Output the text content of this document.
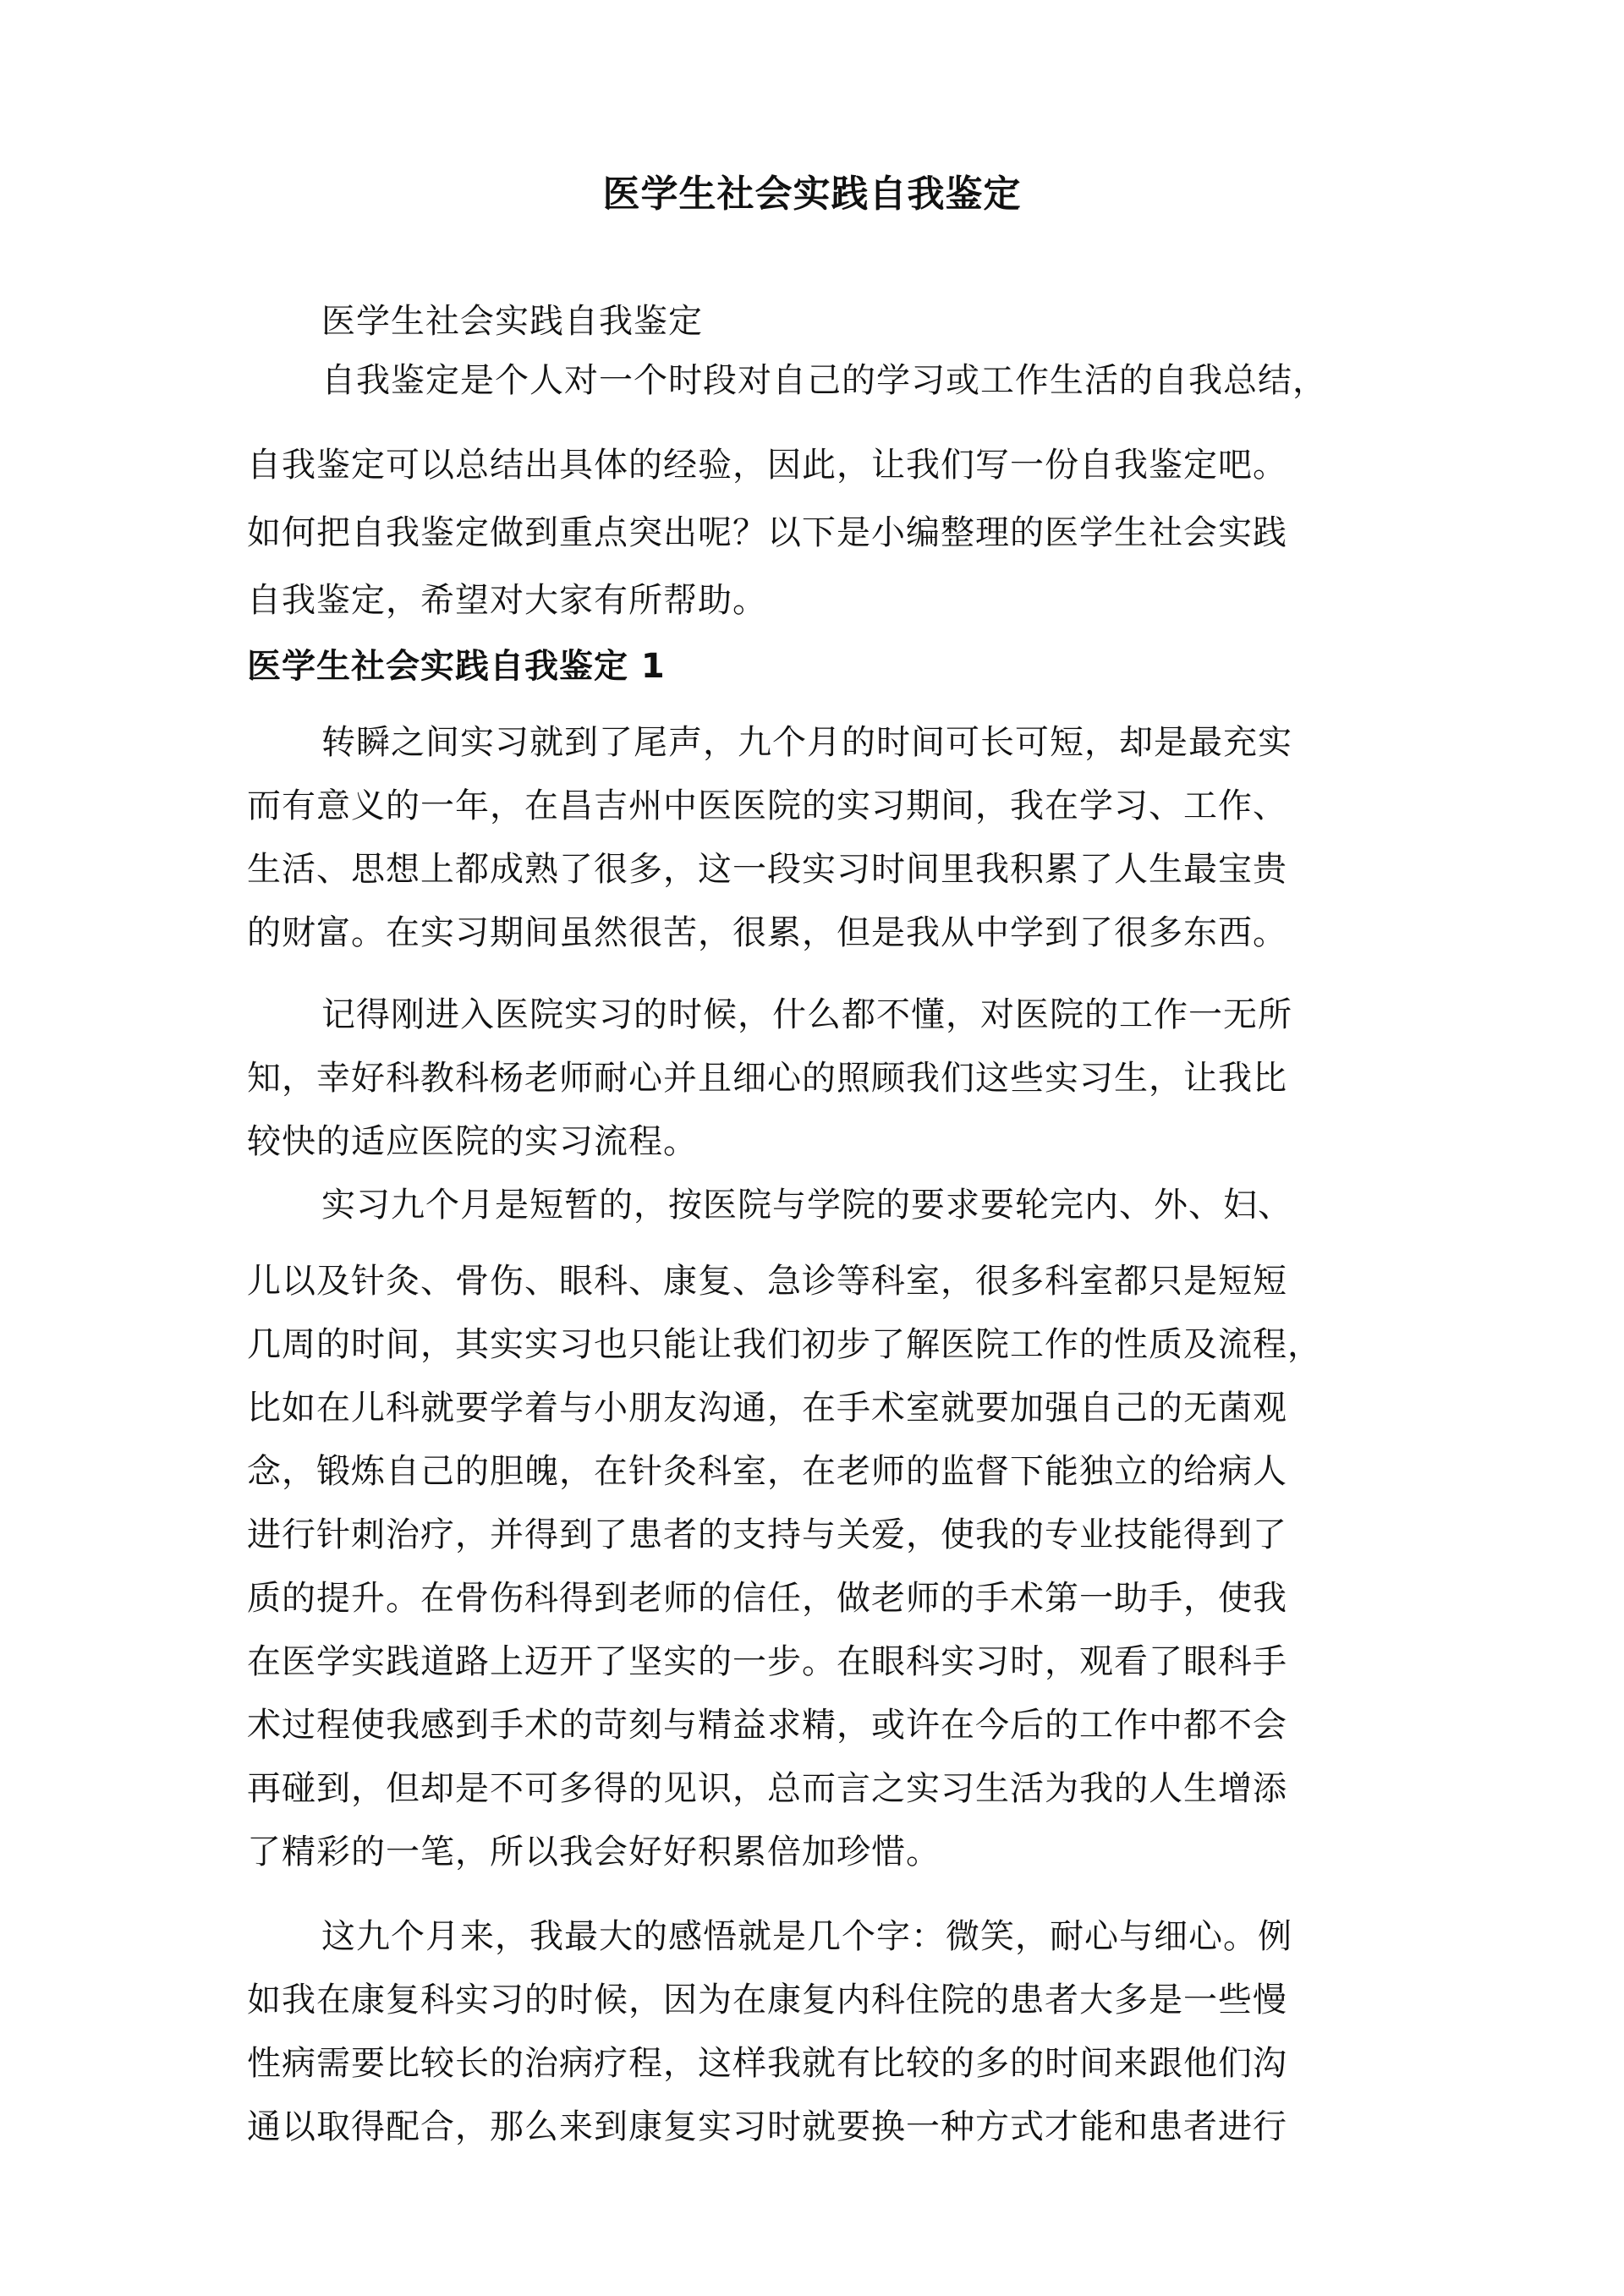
医学生社会实践自我鉴定
医学生社会实践自我鉴定
自我鉴定是个人对一个时段对自己的学习或工作生活的自我总结，
自我鉴定可以总结出具体的经验，因此，让我们写一份自我鉴定吧。
如何把自我鉴定做到重点突出呢？以下是小编整理的医学生社会实践
自我鉴定，希望对大家有所帮助。
医学生社会实践自我鉴定 1
转瞬之间实习就到了尾声，九个月的时间可长可短，却是最充实
而有意义的一年，在昌吉州中医医院的实习期间，我在学习、工作、
生活、思想上都成熟了很多，这一段实习时间里我积累了人生最宝贵
的财富。在实习期间虽然很苦，很累，但是我从中学到了很多东西。
记得刚进入医院实习的时候，什么都不懂，对医院的工作一无所
知，幸好科教科杨老师耐心并且细心的照顾我们这些实习生，让我比
较快的适应医院的实习流程。
实习九个月是短暂的，按医院与学院的要求要轮完内、外、妇、
儿以及针灸、骨伤、眼科、康复、急诊等科室，很多科室都只是短短
几周的时间，其实实习也只能让我们初步了解医院工作的性质及流程，
比如在儿科就要学着与小朋友沟通，在手术室就要加强自己的无菌观
念，锻炼自己的胆魄，在针灸科室，在老师的监督下能独立的给病人
进行针刺治疗，并得到了患者的支持与关爱，使我的专业技能得到了
质的提升。在骨伤科得到老师的信任，做老师的手术第一助手，使我
在医学实践道路上迈开了坚实的一步。在眼科实习时，观看了眼科手
术过程使我感到手术的苛刻与精益求精，或许在今后的工作中都不会
再碰到，但却是不可多得的见识，总而言之实习生活为我的人生增添
了精彩的一笔，所以我会好好积累倍加珍惜。
这九个月来，我最大的感悟就是几个字：微笑，耐心与细心。例
如我在康复科实习的时候，因为在康复内科住院的患者大多是一些慢
性病需要比较长的治病疗程，这样我就有比较的多的时间来跟他们沟
通以取得配合，那么来到康复实习时就要换一种方式才能和患者进行
